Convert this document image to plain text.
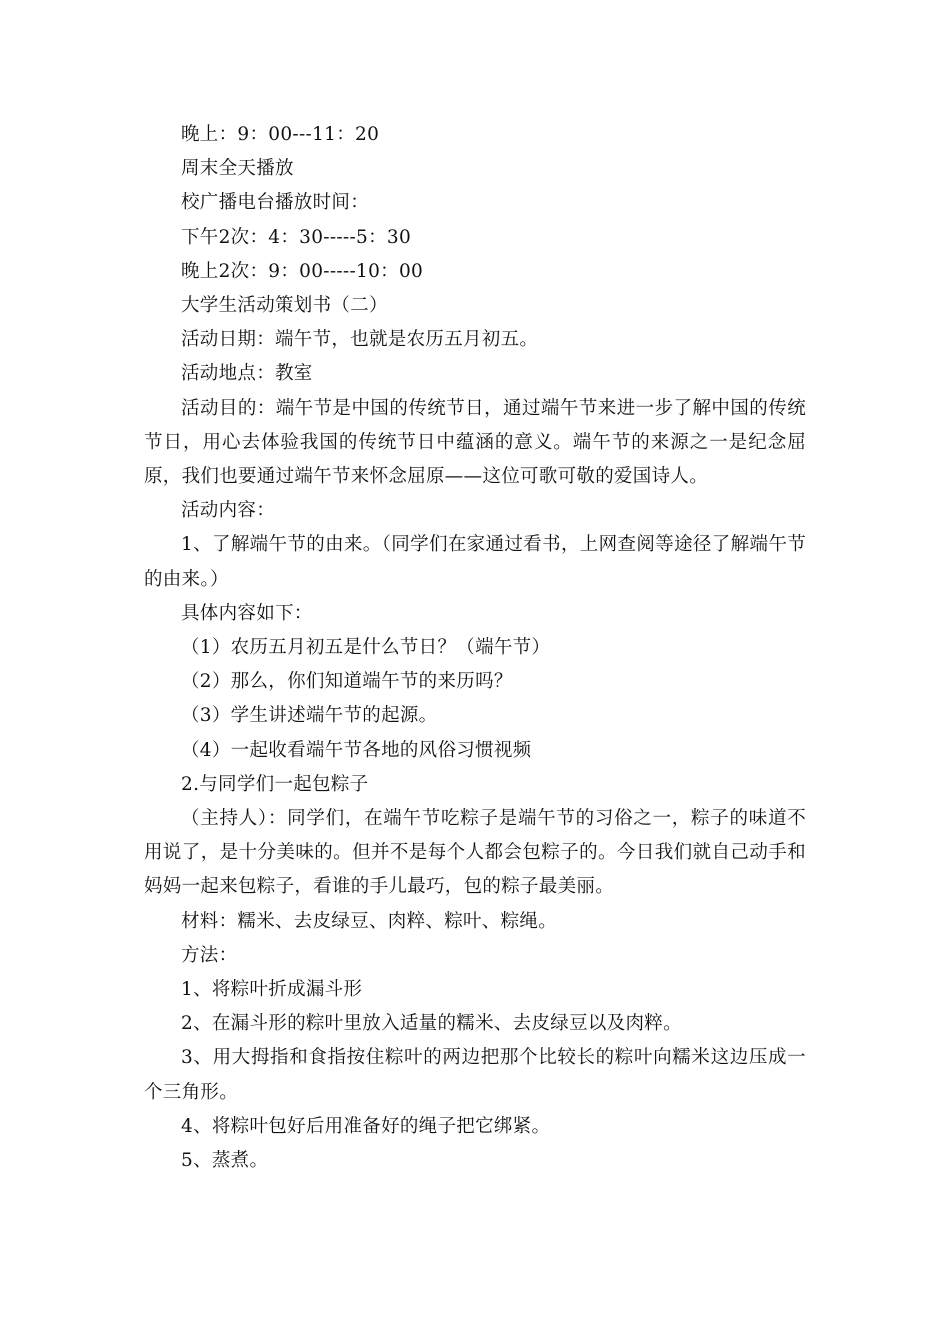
晚上：9：00---11：20

周末全天播放

校广播电台播放时间：

下午2次：4：30-----5：30

晚上2次：9：00-----10：00

大学生活动策划书（二）

活动日期：端午节，也就是农历五月初五。

活动地点：教室

活动目的：端午节是中国的传统节日，通过端午节来进一步了解中国的传统节日，用心去体验我国的传统节日中蕴涵的意义。端午节的来源之一是纪念屈原，我们也要通过端午节来怀念屈原——这位可歌可敬的爱国诗人。

活动内容：

1、了解端午节的由来。（同学们在家通过看书，上网查阅等途径了解端午节的由来。）

具体内容如下：

（1）农历五月初五是什么节日？（端午节）

（2）那么，你们知道端午节的来历吗？

（3）学生讲述端午节的起源。

（4）一起收看端午节各地的风俗习惯视频

2.与同学们一起包粽子

（主持人）：同学们，在端午节吃粽子是端午节的习俗之一，粽子的味道不用说了，是十分美味的。但并不是每个人都会包粽子的。今日我们就自己动手和妈妈一起来包粽子，看谁的手儿最巧，包的粽子最美丽。

材料：糯米、去皮绿豆、肉粹、粽叶、粽绳。

方法：

1、将粽叶折成漏斗形

2、在漏斗形的粽叶里放入适量的糯米、去皮绿豆以及肉粹。

3、用大拇指和食指按住粽叶的两边把那个比较长的粽叶向糯米这边压成一个三角形。

4、将粽叶包好后用准备好的绳子把它绑紧。

5、蒸煮。
